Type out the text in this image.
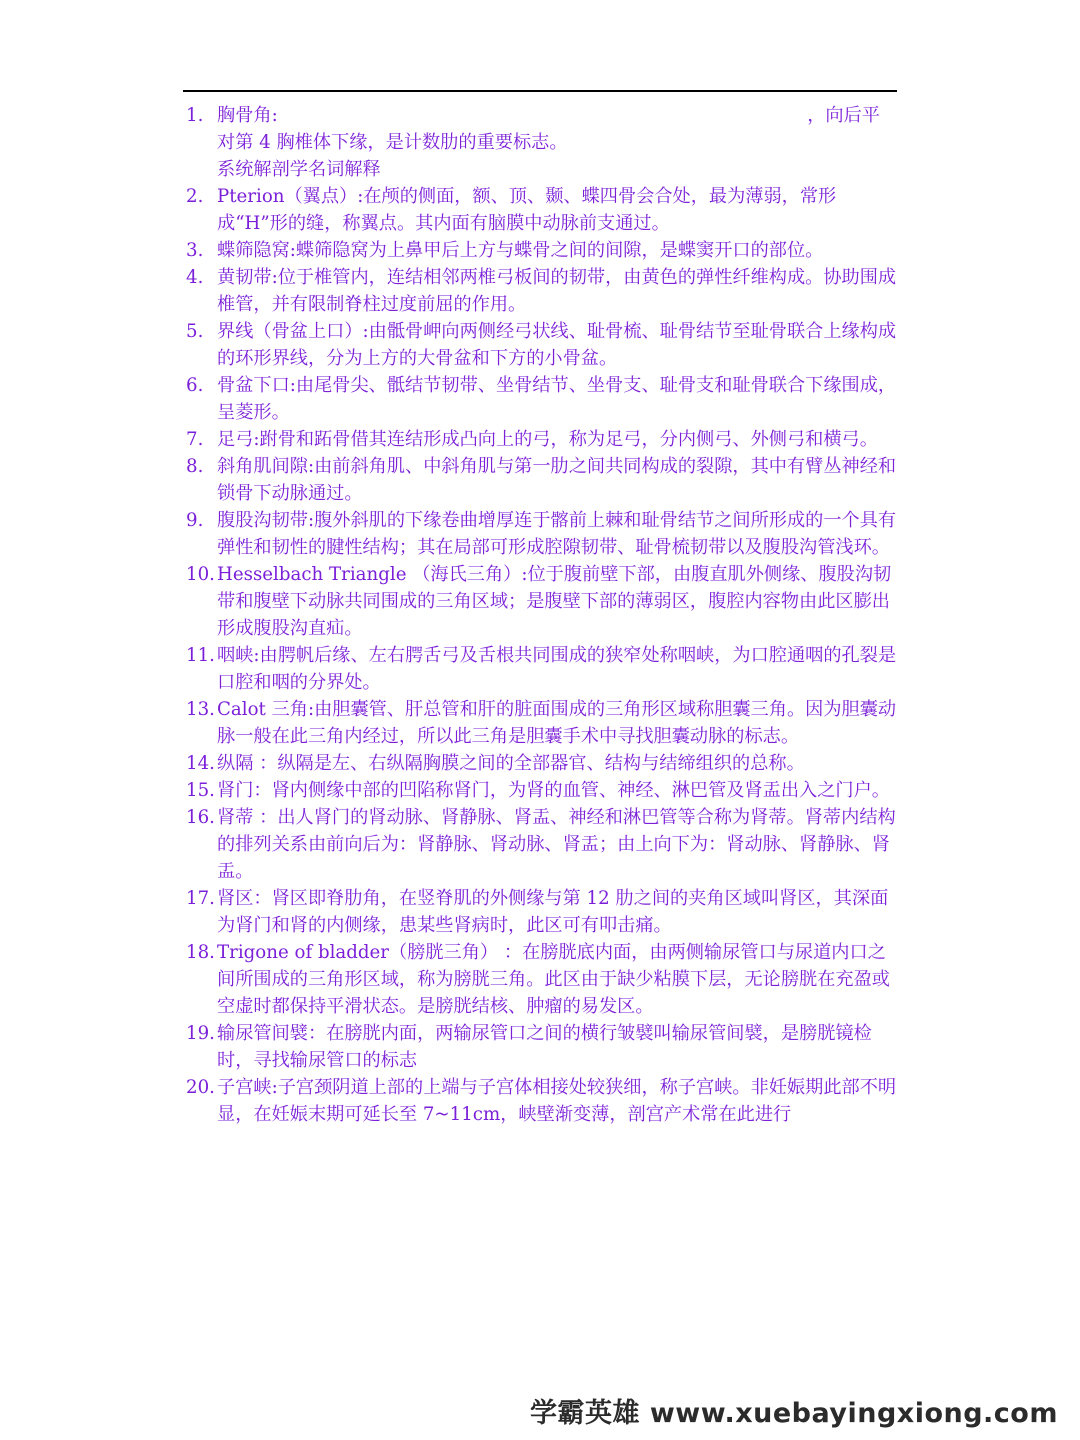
1. 胸骨角:	，向后平
对第 4 胸椎体下缘，是计数肋的重要标志。
系统解剖学名词解释
2. Pterion（翼点）:在颅的侧面，额、顶、颞、蝶四骨会合处，最为薄弱，常形成“H”形的缝，称翼点。其内面有脑膜中动脉前支通过。
3. 蝶筛隐窝:蝶筛隐窝为上鼻甲后上方与蝶骨之间的间隙，是蝶窦开口的部位。
4. 黄韧带:位于椎管内，连结相邻两椎弓板间的韧带，由黄色的弹性纤维构成。协助围成椎管，并有限制脊柱过度前屈的作用。
5. 界线（骨盆上口）:由骶骨岬向两侧经弓状线、耻骨梳、耻骨结节至耻骨联合上缘构成的环形界线，分为上方的大骨盆和下方的小骨盆。
6. 骨盆下口:由尾骨尖、骶结节韧带、坐骨结节、坐骨支、耻骨支和耻骨联合下缘围成，呈菱形。
7. 足弓:跗骨和跖骨借其连结形成凸向上的弓，称为足弓，分内侧弓、外侧弓和横弓。
8. 斜角肌间隙:由前斜角肌、中斜角肌与第一肋之间共同构成的裂隙，其中有臂丛神经和锁骨下动脉通过。
9. 腹股沟韧带:腹外斜肌的下缘卷曲增厚连于髂前上棘和耻骨结节之间所形成的一个具有弹性和韧性的腱性结构；其在局部可形成腔隙韧带、耻骨梳韧带以及腹股沟管浅环。
10. Hesselbach Triangle （海氏三角）:位于腹前壁下部，由腹直肌外侧缘、腹股沟韧带和腹壁下动脉共同围成的三角区域；是腹壁下部的薄弱区，腹腔内容物由此区膨出形成腹股沟直疝。
11. 咽峡:由腭帆后缘、左右腭舌弓及舌根共同围成的狭窄处称咽峡，为口腔通咽的孔裂是口腔和咽的分界处。
13. Calot 三角:由胆囊管、肝总管和肝的脏面围成的三角形区域称胆囊三角。因为胆囊动脉一般在此三角内经过，所以此三角是胆囊手术中寻找胆囊动脉的标志。
14. 纵隔 ：纵隔是左、右纵隔胸膜之间的全部器官、结构与结缔组织的总称。
15. 肾门：肾内侧缘中部的凹陷称肾门，为肾的血管、神经、淋巴管及肾盂出入之门户。
16. 肾蒂 ：出人肾门的肾动脉、肾静脉、肾盂、神经和淋巴管等合称为肾蒂。肾蒂内结构的排列关系由前向后为：肾静脉、肾动脉、肾盂；由上向下为：肾动脉、肾静脉、肾盂。
17. 肾区：肾区即脊肋角，在竖脊肌的外侧缘与第 12 肋之间的夹角区域叫肾区，其深面为肾门和肾的内侧缘，患某些肾病时，此区可有叩击痛。
18. Trigone of bladder（膀胱三角） ：在膀胱底内面，由两侧输尿管口与尿道内口之间所围成的三角形区域，称为膀胱三角。此区由于缺少粘膜下层，无论膀胱在充盈或空虚时都保持平滑状态。是膀胱结核、肿瘤的易发区。
19. 输尿管间襞：在膀胱内面，两输尿管口之间的横行皱襞叫输尿管间襞，是膀胱镜检时，寻找输尿管口的标志
20. 子宫峡:子宫颈阴道上部的上端与子宫体相接处较狭细，称子宫峡。非妊娠期此部不明显，在妊娠末期可延长至 7~11cm，峡壁渐变薄，剖宫产术常在此进行
学霸英雄 www.xuebayingxiong.com
